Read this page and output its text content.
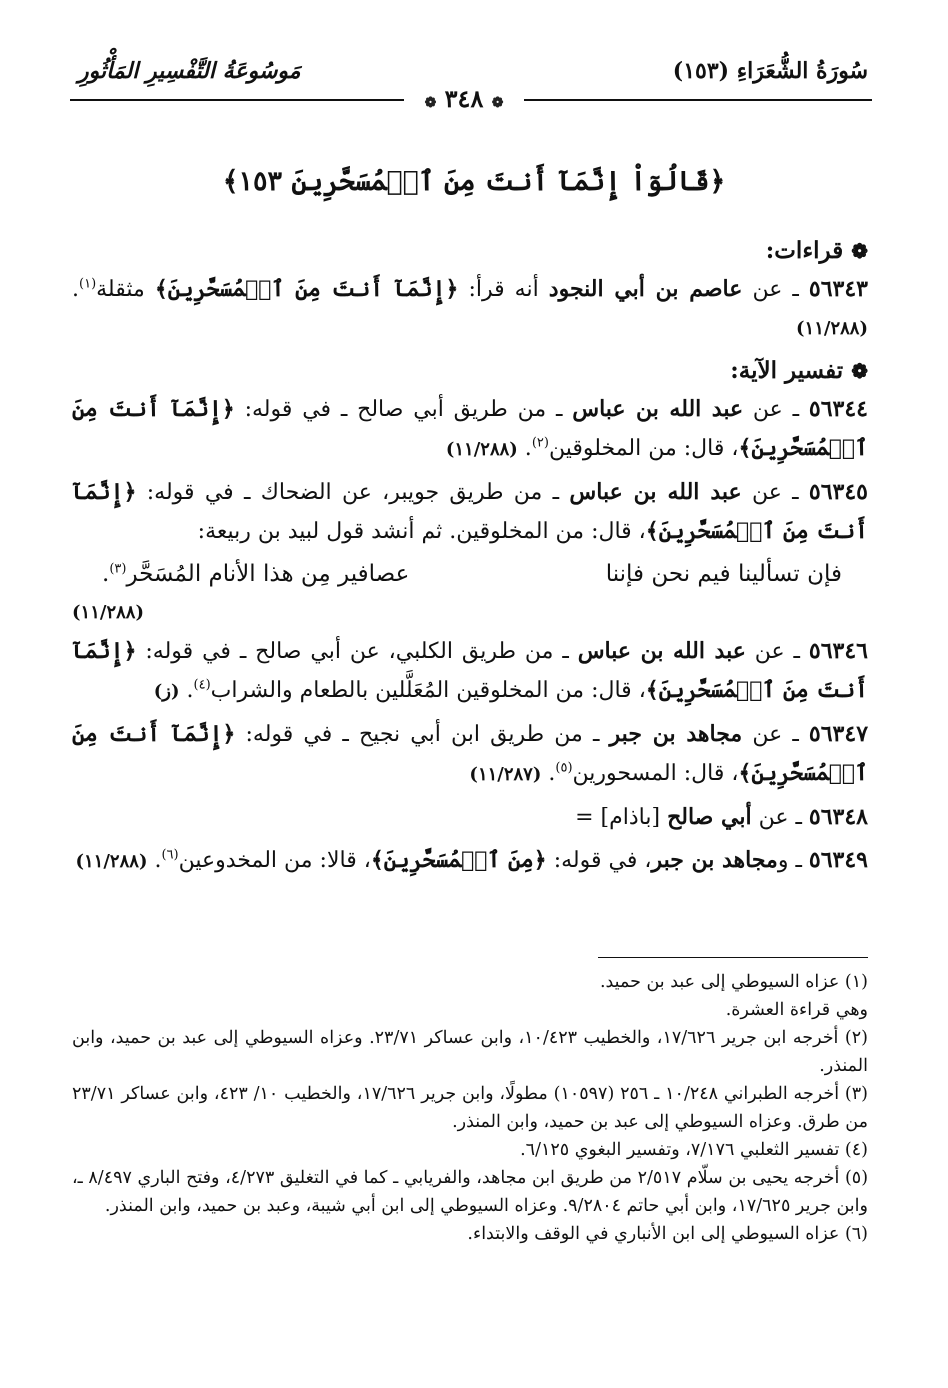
سُورَةُ الشُّعَرَاءِ (١٥٣)
مَوسُوعَةُ التَّفْسِيرِ المَأْثُورِ
❁ ٣٤٨ ❁
﴿قَالُوٓاْ إِنَّمَآ أَنتَ مِنَ ٱلۡمُسَحَّرِينَ ١٥٣﴾

❁ قراءات:

٥٦٣٤٣ ـ عن عاصم بن أبي النجود أنه قرأ: ﴿إِنَّمَآ أَنتَ مِنَ ٱلۡمُسَحَّرِينَ﴾ مثقلة$^{(١)}$. (١١/٢٨٨)

❁ تفسير الآية:

٥٦٣٤٤ ـ عن عبد الله بن عباس ـ من طريق أبي صالح ـ في قوله: ﴿إِنَّمَآ أَنتَ مِنَ ٱلۡمُسَحَّرِينَ﴾، قال: من المخلوقين$^{(٢)}$. (١١/٢٨٨)

٥٦٣٤٥ ـ عن عبد الله بن عباس ـ من طريق جويبر، عن الضحاك ـ في قوله: ﴿إِنَّمَآ أَنتَ مِنَ ٱلۡمُسَحَّرِينَ﴾، قال: من المخلوقين. ثم أنشد قول لبيد بن ربيعة:

فإن تسألينا فيم نحن فإننا
عصافير مِن هذا الأنام المُسَحَّر$^{(٣)}$.
(١١/٢٨٨)

٥٦٣٤٦ ـ عن عبد الله بن عباس ـ من طريق الكلبي، عن أبي صالح ـ في قوله: ﴿إِنَّمَآ أَنتَ مِنَ ٱلۡمُسَحَّرِينَ﴾، قال: من المخلوقين المُعَلَّلين بالطعام والشراب$^{(٤)}$. (ز)

٥٦٣٤٧ ـ عن مجاهد بن جبر ـ من طريق ابن أبي نجيح ـ في قوله: ﴿إِنَّمَآ أَنتَ مِنَ ٱلۡمُسَحَّرِينَ﴾، قال: المسحورين$^{(٥)}$. (١١/٢٨٧)

٥٦٣٤٨ ـ عن أبي صالح [باذام] =

٥٦٣٤٩ ـ ومجاهد بن جبر، في قوله: ﴿مِنَ ٱلۡمُسَحَّرِينَ﴾، قالا: من المخدوعين$^{(٦)}$. (١١/٢٨٨)

(١) عزاه السيوطي إلى عبد بن حميد.

وهي قراءة العشرة.

(٢) أخرجه ابن جرير ١٧/٦٢٦، والخطيب ١٠/٤٢٣، وابن عساكر ٢٣/٧١. وعزاه السيوطي إلى عبد بن حميد، وابن المنذر.

(٣) أخرجه الطبراني ١٠/٢٤٨ ـ ٢٥٦ (١٠٥٩٧) مطولًا، وابن جرير ١٧/٦٢٦، والخطيب ١٠/ ٤٢٣، وابن عساكر ٢٣/٧١ من طرق. وعزاه السيوطي إلى عبد بن حميد، وابن المنذر.

(٤) تفسير الثعلبي ٧/١٧٦، وتفسير البغوي ٦/١٢٥.

(٥) أخرجه يحيى بن سلّام ٢/٥١٧ من طريق ابن مجاهد، والفريابي ـ كما في التغليق ٤/٢٧٣، وفتح الباري ٨/٤٩٧ ـ، وابن جرير ١٧/٦٢٥، وابن أبي حاتم ٩/٢٨٠٤. وعزاه السيوطي إلى ابن أبي شيبة، وعبد بن حميد، وابن المنذر.

(٦) عزاه السيوطي إلى ابن الأنباري في الوقف والابتداء.
